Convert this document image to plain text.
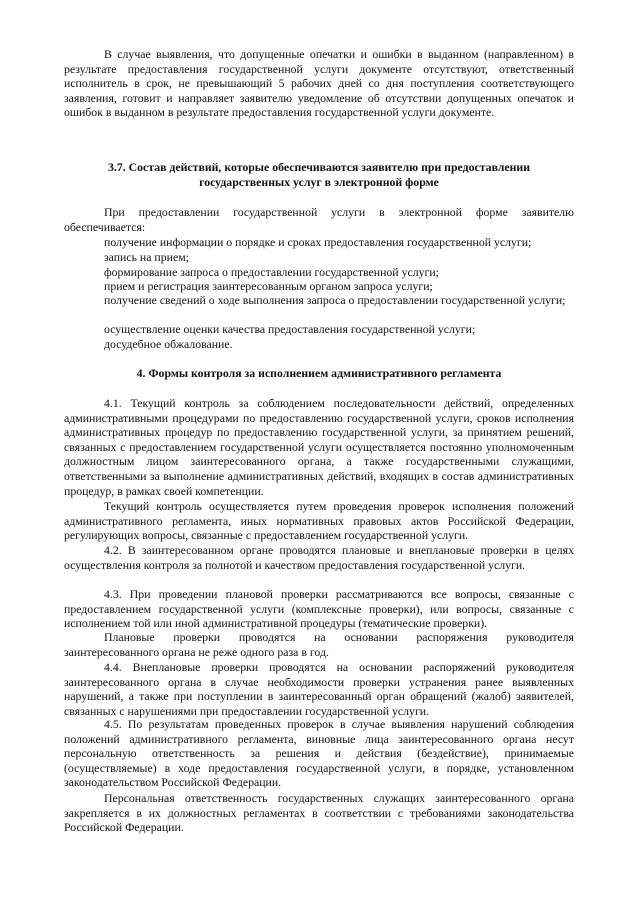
В случае выявления, что допущенные опечатки и ошибки в выданном (направленном) в результате предоставления государственной услуги документе отсутствуют, ответственный исполнитель в срок, не превышающий 5 рабочих дней со дня поступления соответствующего заявления, готовит и направляет заявителю уведомление об отсутствии допущенных опечаток и ошибок в выданном в результате предоставления государственной услуги документе.

3.7. Состав действий, которые обеспечиваются заявителю при предоставлении

государственных услуг в электронной форме

При предоставлении государственной услуги в электронной форме заявителю обеспечивается:

получение информации о порядке и сроках предоставления государственной услуги;

запись на прием;

формирование запроса о предоставлении государственной услуги;

прием и регистрация заинтересованным органом запроса услуги;

получение сведений о ходе выполнения запроса о предоставлении государственной услуги;

осуществление оценки качества предоставления государственной услуги;

досудебное обжалование.

4. Формы контроля за исполнением административного регламента

4.1. Текущий контроль за соблюдением последовательности действий, определенных административными процедурами по предоставлению государственной услуги, сроков исполнения административных процедур по предоставлению государственной услуги, за принятием решений, связанных с предоставлением государственной услуги осуществляется постоянно уполномоченным должностным лицом заинтересованного органа, а также государственными служащими, ответственными за выполнение административных действий, входящих в состав административных процедур, в рамках своей компетенции.

Текущий контроль осуществляется путем проведения проверок исполнения положений административного регламента, иных нормативных правовых актов Российской Федерации, регулирующих вопросы, связанные с предоставлением государственной услуги.

4.2. В заинтересованном органе проводятся плановые и внеплановые проверки в целях осуществления контроля за полнотой и качеством предоставления государственной услуги.

4.3. При проведении плановой проверки рассматриваются все вопросы, связанные с предоставлением государственной услуги (комплексные проверки), или вопросы, связанные с исполнением той или иной административной процедуры (тематические проверки).

Плановые проверки проводятся на основании распоряжения руководителя заинтересованного органа не реже одного раза в год.

4.4. Внеплановые проверки проводятся на основании распоряжений руководителя заинтересованного органа в случае необходимости проверки устранения ранее выявленных нарушений, а также при поступлении в заинтересованный орган обращений (жалоб) заявителей, связанных с нарушениями при предоставлении государственной услуги.

4.5. По результатам проведенных проверок в случае выявления нарушений соблюдения положений административного регламента, виновные лица заинтересованного органа несут персональную ответственность за решения и действия (бездействие), принимаемые (осуществляемые) в ходе предоставления государственной услуги, в порядке, установленном законодательством Российской Федерации.

Персональная ответственность государственных служащих заинтересованного органа закрепляется в их должностных регламентах в соответствии с требованиями законодательства Российской Федерации.
